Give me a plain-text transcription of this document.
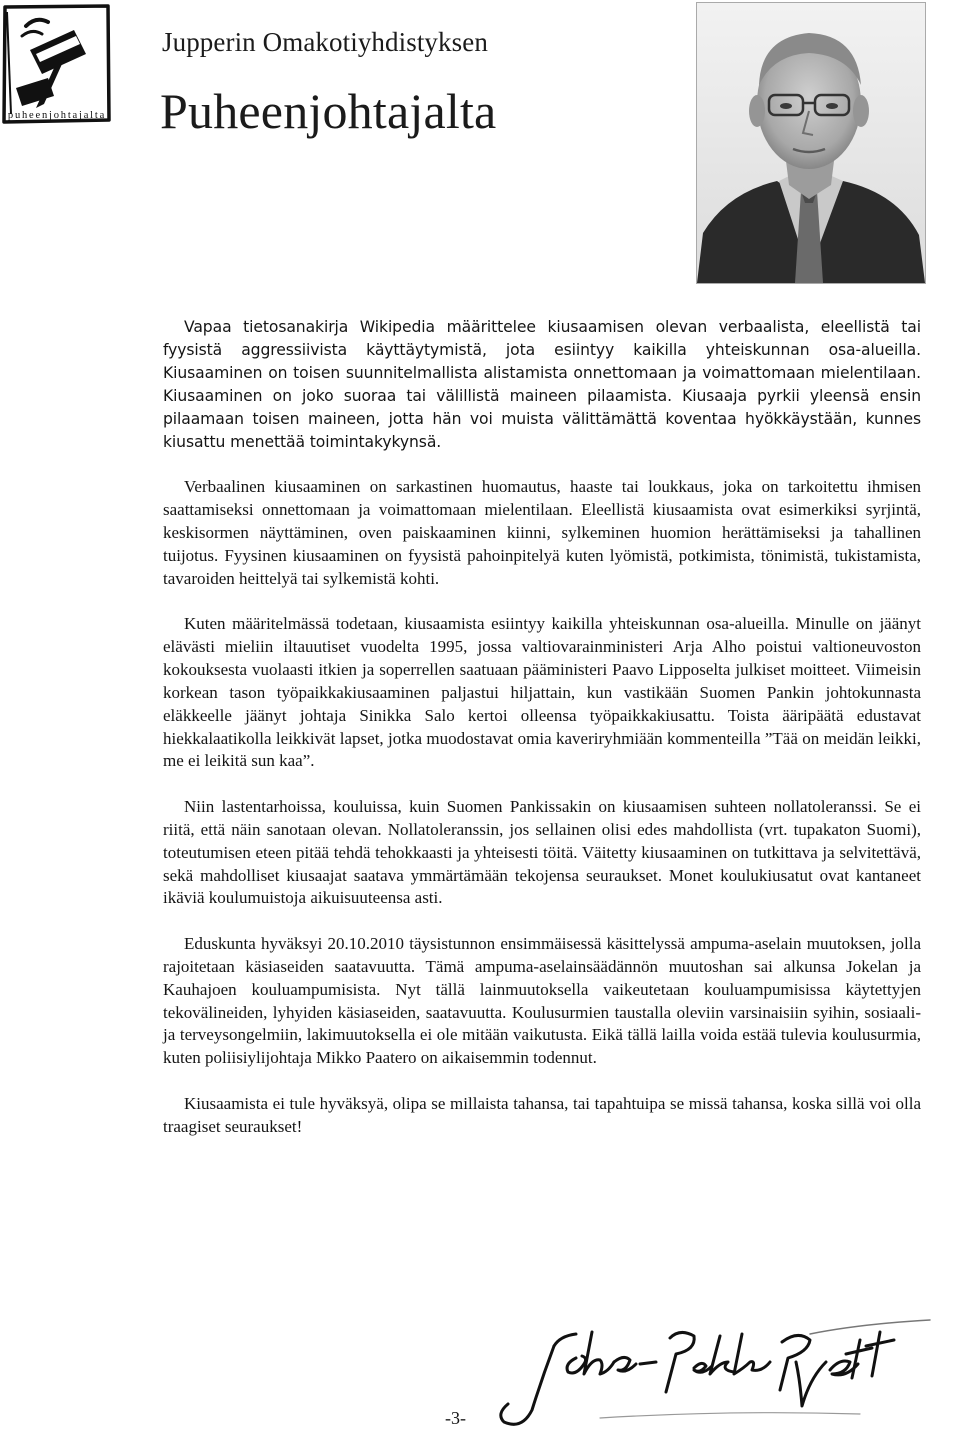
puheenjohtajalta
Jupperin Omakotiyhdistyksen
Puheenjohtajalta

Vapaa tietosanakirja Wikipedia määrittelee kiusaamisen olevan verbaalista, eleellistä tai fyysistä aggressiivista käyttäytymistä, jota esiintyy kaikilla yhteiskunnan osa-alueilla. Kiusaaminen on toisen suunnitelmallista alistamista onnettomaan ja voimattomaan mielentilaan. Kiusaaminen on joko suoraa tai välillistä maineen pilaamista. Kiusaaja pyrkii yleensä ensin pilaamaan toisen maineen, jotta hän voi muista välittämättä koventaa hyökkäystään, kunnes kiusattu menettää toimintakykynsä.

Verbaalinen kiusaaminen on sarkastinen huomautus, haaste tai loukkaus, joka on tarkoitettu ihmisen saattamiseksi onnettomaan ja voimattomaan mielentilaan. Eleellistä kiusaamista ovat esimerkiksi syrjintä, keskisormen näyttäminen, oven paiskaaminen kiinni, sylkeminen huomion herättämiseksi ja tahallinen tuijotus. Fyysinen kiusaaminen on fyysistä pahoinpitelyä kuten lyömistä, potkimista, tönimistä, tukistamista, tavaroiden heittelyä tai sylkemistä kohti.

Kuten määritelmässä todetaan, kiusaamista esiintyy kaikilla yhteiskunnan osa-alueilla. Minulle on jäänyt elävästi mieliin iltauutiset vuodelta 1995, jossa valtiovarainministeri Arja Alho poistui valtioneuvoston kokouksesta vuolaasti itkien ja soperrellen saatuaan pääministeri Paavo Lipposelta julkiset moitteet. Viimeisin korkean tason työpaikkakiusaaminen paljastui hiljattain, kun vastikään Suomen Pankin johtokunnasta eläkkeelle jäänyt johtaja Sinikka Salo kertoi olleensa työpaikkakiusattu. Toista ääripäätä edustavat hiekkalaatikolla leikkivät lapset, jotka muodostavat omia kaveriryhmiään kommenteilla ”Tää on meidän leikki, me ei leikitä sun kaa”.

Niin lastentarhoissa, kouluissa, kuin Suomen Pankissakin on kiusaamisen suhteen nollatoleranssi. Se ei riitä, että näin sanotaan olevan. Nollatoleranssin, jos sellainen olisi edes mahdollista (vrt. tupakaton Suomi), toteutumisen eteen pitää tehdä tehokkaasti ja yhteisesti töitä. Väitetty kiusaaminen on tutkittava ja selvitettävä, sekä mahdolliset kiusaajat saatava ymmärtämään tekojensa seuraukset. Monet koulukiusatut ovat kantaneet ikäviä koulumuistoja aikuisuuteensa asti.

Eduskunta hyväksyi 20.10.2010 täysistunnon ensimmäisessä käsittelyssä ampuma-aselain muutoksen, jolla rajoitetaan käsiaseiden saatavuutta. Tämä ampuma-aselainsäädännön muutoshan sai alkunsa Jokelan ja Kauhajoen kouluampumisista. Nyt tällä lainmuutoksella vaikeutetaan kouluampumisissa käytettyjen tekovälineiden, lyhyiden käsiaseiden, saatavuutta. Koulusurmien taustalla oleviin varsinaisiin syihin, sosiaali- ja terveysongelmiin, lakimuutoksella ei ole mitään vaikutusta. Eikä tällä lailla voida estää tulevia koulusurmia, kuten poliisiylijohtaja Mikko Paatero on aikaisemmin todennut.

Kiusaamista ei tule hyväksyä, olipa se millaista tahansa, tai tapahtuipa se missä tahansa, koska sillä voi olla traagiset seuraukset!

-3-
